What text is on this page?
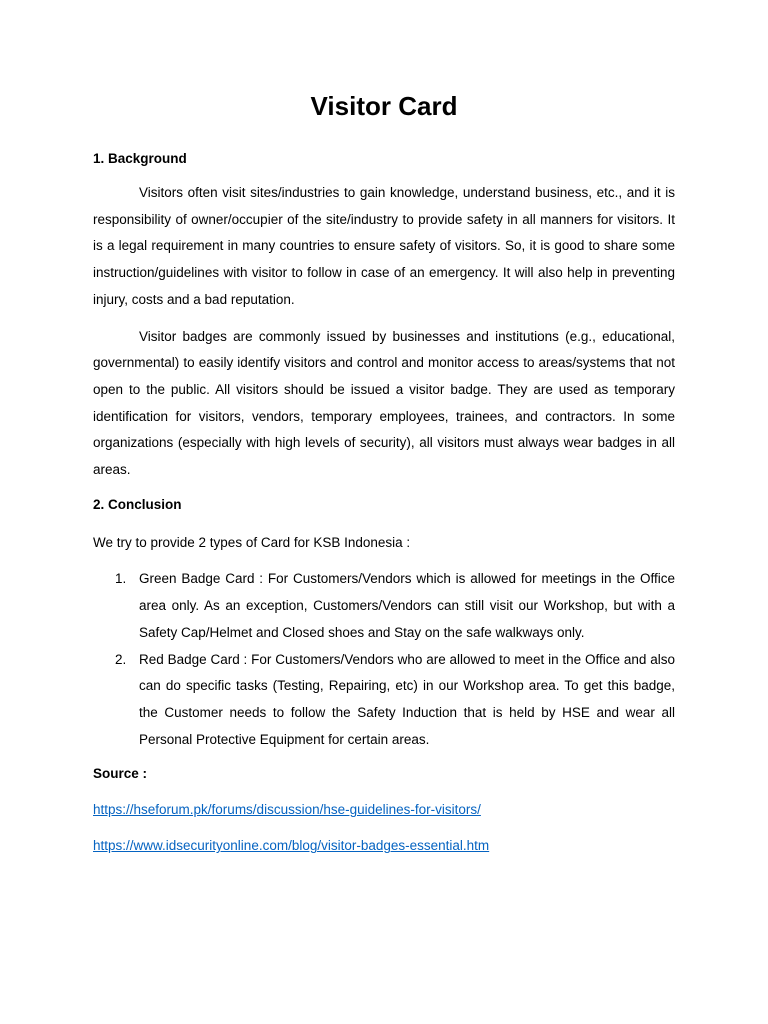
Visitor Card

1. Background

Visitors often visit sites/industries to gain knowledge, understand business, etc., and it is responsibility of owner/occupier of the site/industry to provide safety in all manners for visitors. It is a legal requirement in many countries to ensure safety of visitors. So, it is good to share some instruction/guidelines with visitor to follow in case of an emergency. It will also help in preventing injury, costs and a bad reputation.

Visitor badges are commonly issued by businesses and institutions (e.g., educational, governmental) to easily identify visitors and control and monitor access to areas/systems that not open to the public. All visitors should be issued a visitor badge. They are used as temporary identification for visitors, vendors, temporary employees, trainees, and contractors. In some organizations (especially with high levels of security), all visitors must always wear badges in all areas.

2. Conclusion

We try to provide 2 types of Card for KSB Indonesia :

1. Green Badge Card : For Customers/Vendors which is allowed for meetings in the Office area only. As an exception, Customers/Vendors can still visit our Workshop, but with a Safety Cap/Helmet and Closed shoes and Stay on the safe walkways only.
2. Red Badge Card : For Customers/Vendors who are allowed to meet in the Office and also can do specific tasks (Testing, Repairing, etc) in our Workshop area. To get this badge, the Customer needs to follow the Safety Induction that is held by HSE and wear all Personal Protective Equipment for certain areas.

Source :

https://hseforum.pk/forums/discussion/hse-guidelines-for-visitors/
https://www.idsecurityonline.com/blog/visitor-badges-essential.htm
